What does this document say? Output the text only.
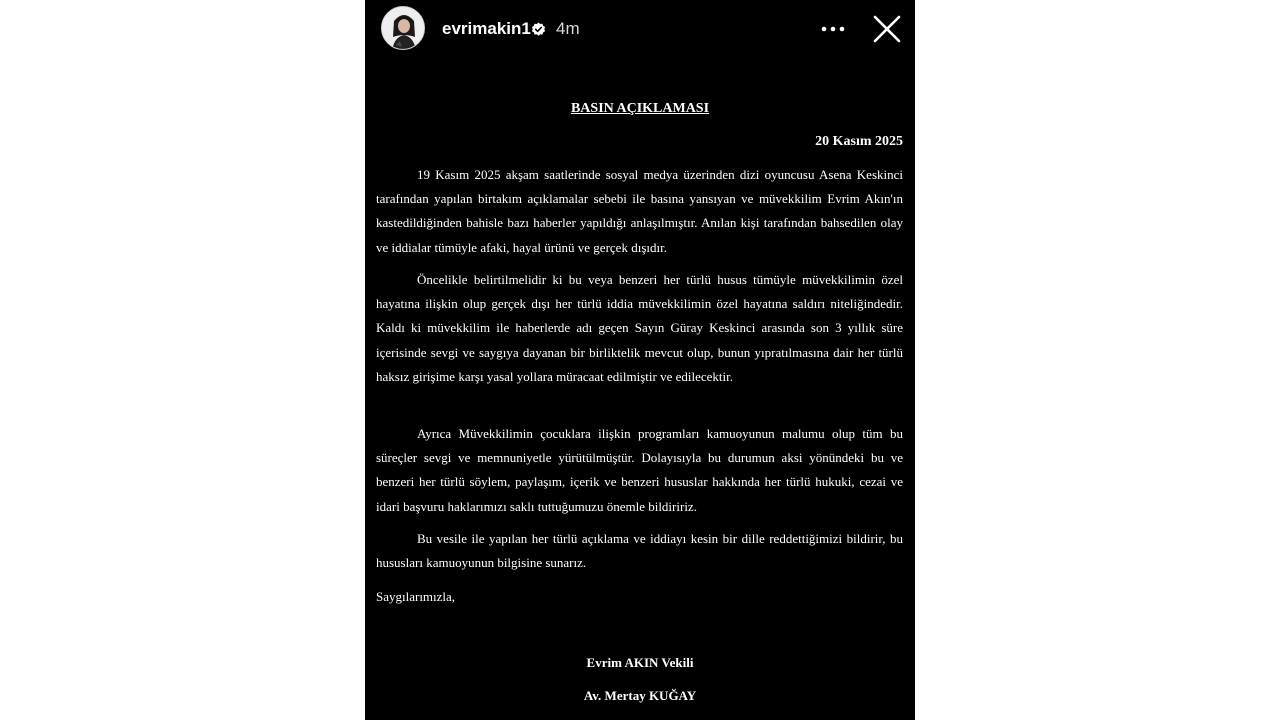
BASIN AÇIKLAMASI
20 Kasım 2025

19 Kasım 2025 akşam saatlerinde sosyal medya üzerinden dizi oyuncusu Asena Keskinci tarafından yapılan birtakım açıklamalar sebebi ile basına yansıyan ve müvekkilim Evrim Akın'ın kastedildiğinden bahisle bazı haberler yapıldığı anlaşılmıştır. Anılan kişi tarafından bahsedilen olay ve iddialar tümüyle afaki, hayal ürünü ve gerçek dışıdır.

Öncelikle belirtilmelidir ki bu veya benzeri her türlü husus tümüyle müvekkilimin özel hayatına ilişkin olup gerçek dışı her türlü iddia müvekkilimin özel hayatına saldırı niteliğindedir. Kaldı ki müvekkilim ile haberlerde adı geçen Sayın Güray Keskinci arasında son 3 yıllık süre içerisinde sevgi ve saygıya dayanan bir birliktelik mevcut olup, bunun yıpratılmasına dair her türlü haksız girişime karşı yasal yollara müracaat edilmiştir ve edilecektir.

Ayrıca Müvekkilimin çocuklara ilişkin programları kamuoyunun malumu olup tüm bu süreçler sevgi ve memnuniyetle yürütülmüştür. Dolayısıyla bu durumun aksi yönündeki bu ve benzeri her türlü söylem, paylaşım, içerik ve benzeri hususlar hakkında her türlü hukuki, cezai ve idari başvuru haklarımızı saklı tuttuğumuzu önemle bildiririz.

Bu vesile ile yapılan her türlü açıklama ve iddiayı kesin bir dille reddettiğimizi bildirir, bu hususları kamuoyunun bilgisine sunarız.

Saygılarımızla,
Evrim AKIN Vekili
Av. Mertay KUĞAY
evrimakin1 4m
